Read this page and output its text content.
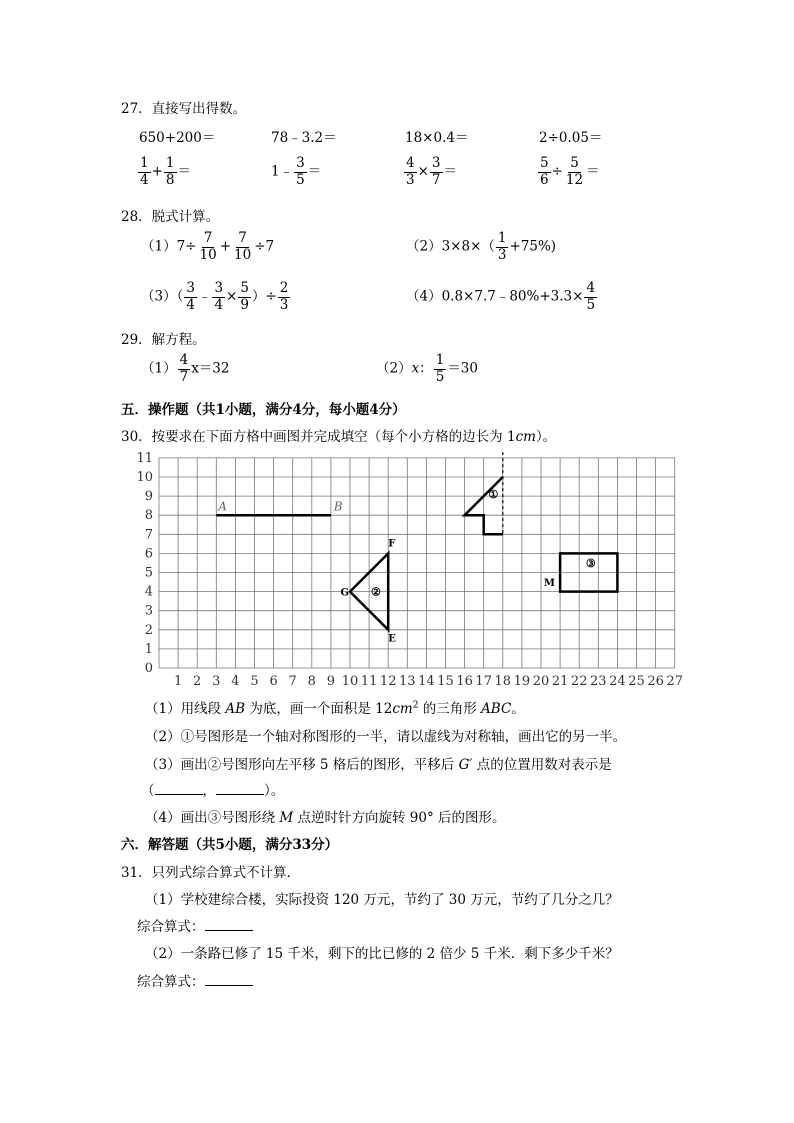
27．直接写出得数。
650+200＝	78﹣3.2＝	18×0.4＝	2÷0.05＝
$\frac{1}{4} + \frac{1}{8}$ ＝	1﹣ $\frac{3}{5}$ ＝	$\frac{4}{3} \times \frac{3}{7}$ ＝	$\frac{5}{6} \div \frac{5}{12}$ ＝
28．脱式计算。
$(1)7\div \frac{7}{10} + \frac{7}{10} \div 7$	$(2)3\times 8\times( \frac{1}{3} +75\%)$
$(3)( \frac{3}{4}$ ﹣ $\frac{3}{4} \times \frac{5}{9}$ ）÷ $\frac{2}{3}$	（4）0.8×7.7﹣80%+3.3× $\frac{4}{5}$
29．解方程。
$(1) \frac{4}{7} x=32$	（2）x： $\frac{1}{5} =30$
五．操作题（共1小题，满分4分，每小题4分）
30．按要求在下面方格中画图并完成填空（每个小方格的边长为 1cm）。
0
1
2
3
4
5
6
7
8
9
10
11
1 2 3 4 5 6 7 8 9 10 11 12 13 14 15 16 17 18 19 20 21 22 23 24 25 26 27
A	B
F
G
E
M
①
②
③
（1）用线段 AB 为底，画一个面积是 $12cm^2$ 的三角形 ABC。
（2）①号图形是一个轴对称图形的一半，请以虚线为对称轴，画出它的另一半。
（3）画出②号图形向左平移 5 格后的图形，平移后 G′ 点的位置用数对表示是
（	，	）。
（4）画出③号图形绕 M 点逆时针方向旋转 90° 后的图形。
六．解答题（共5小题，满分33分）
31．只列式综合算式不计算．
（1）学校建综合楼，实际投资 120 万元，节约了 30 万元，节约了几分之几？
综合算式：
（2）一条路已修了 15 千米，剩下的比已修的 2 倍少 5 千米．剩下多少千米？
综合算式：
